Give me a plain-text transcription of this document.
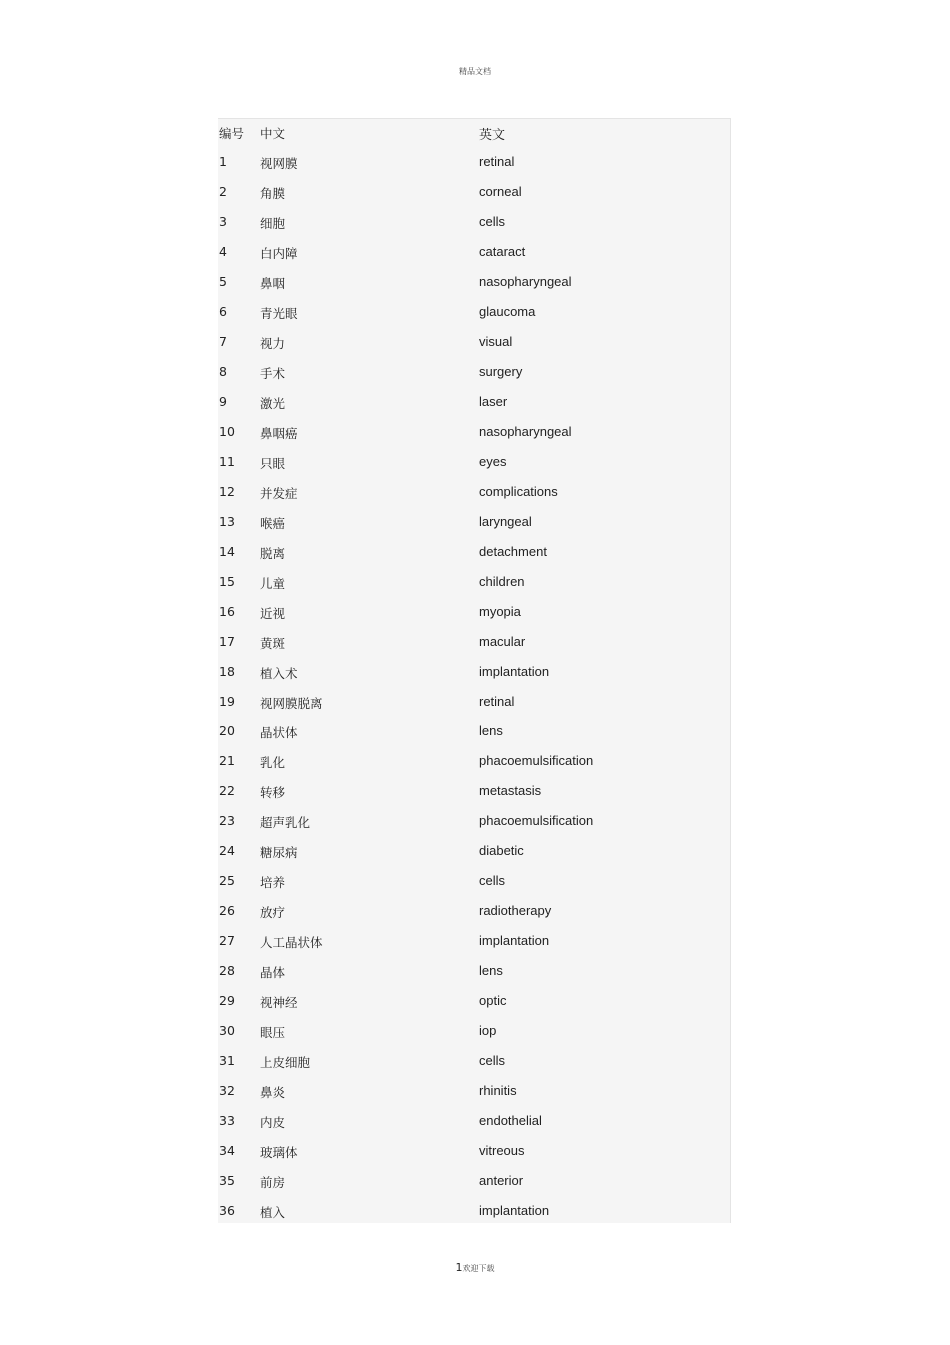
精品文档
编号 中文	英文
1	视网膜	retinal
2	角膜	corneal
3	细胞	cells
4	白内障	cataract
5	鼻咽	nasopharyngeal
6	青光眼	glaucoma
7	视力	visual
8	手术	surgery
9	激光	laser
10 鼻咽癌	nasopharyngeal
11 只眼	eyes
12 并发症	complications
13 喉癌	laryngeal
14 脱离	detachment
15 儿童	children
16 近视	myopia
17 黄斑	macular
18 植入术	implantation
19 视网膜脱离	retinal
20 晶状体	lens
21 乳化	phacoemulsification
22 转移	metastasis
23 超声乳化	phacoemulsification
24 糖尿病	diabetic
25 培养	cells
26 放疗	radiotherapy
27 人工晶状体	implantation
28 晶体	lens
29 视神经	optic
30 眼压	iop
31 上皮细胞	cells
32 鼻炎	rhinitis
33 内皮	endothelial
34 玻璃体	vitreous
35 前房	anterior
36 植入	implantation
1欢迎下载
